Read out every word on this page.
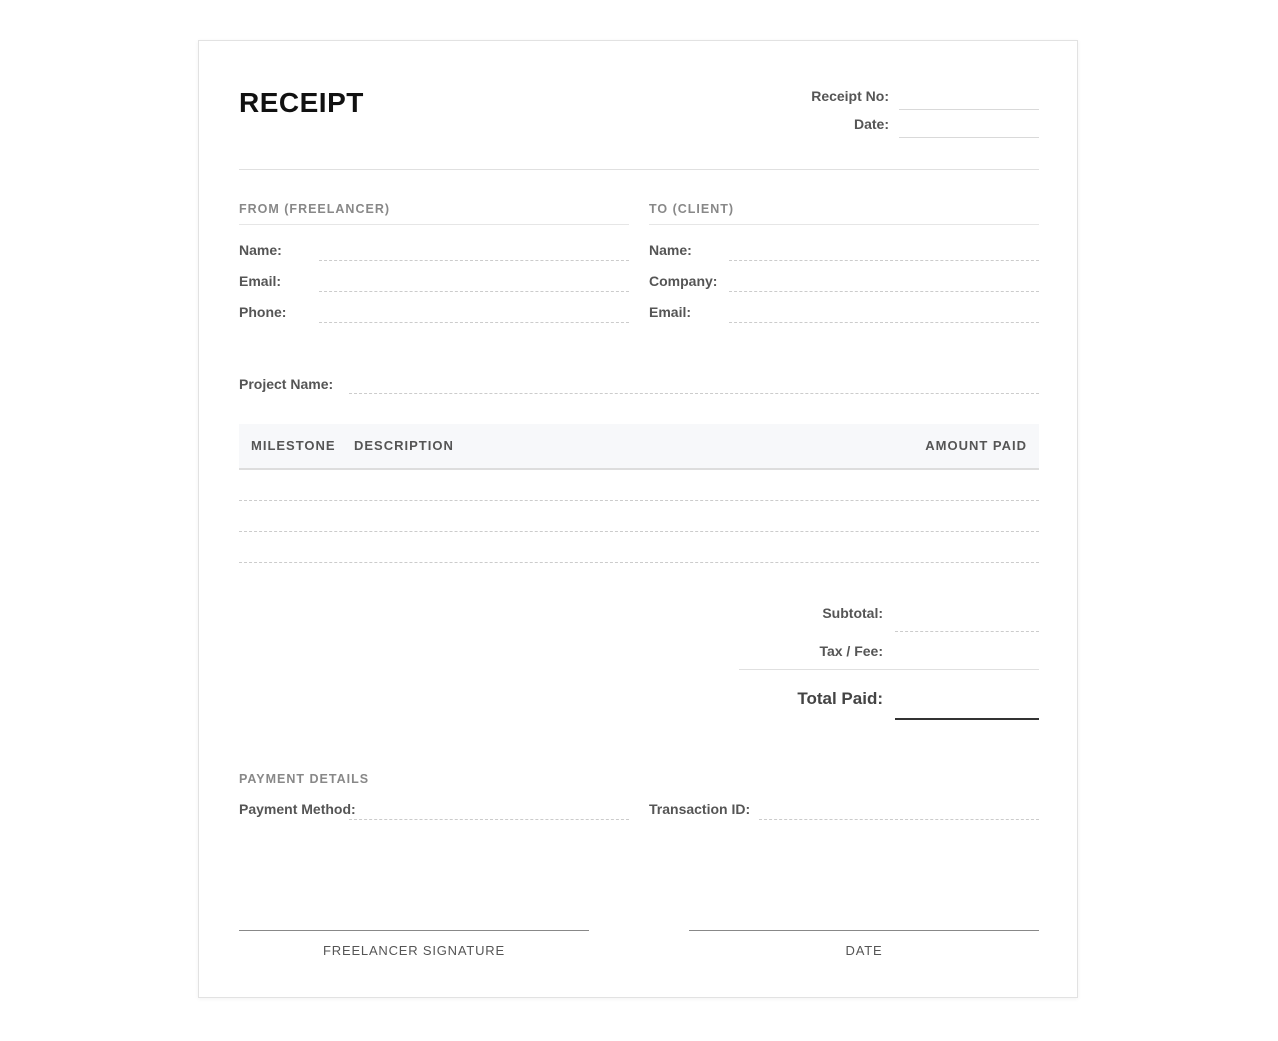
RECEIPT	Receipt No:
Date:
FROM (FREELANCER)
Name:
Email:
Phone:
TO (CLIENT)
Name:
Company:
Email:
Project Name:
MILESTONE DESCRIPTION	AMOUNT PAID
Subtotal:
Tax / Fee:
Total Paid:
PAYMENT DETAILS
Payment Method:	Transaction ID:
FREELANCER SIGNATURE	DATE
